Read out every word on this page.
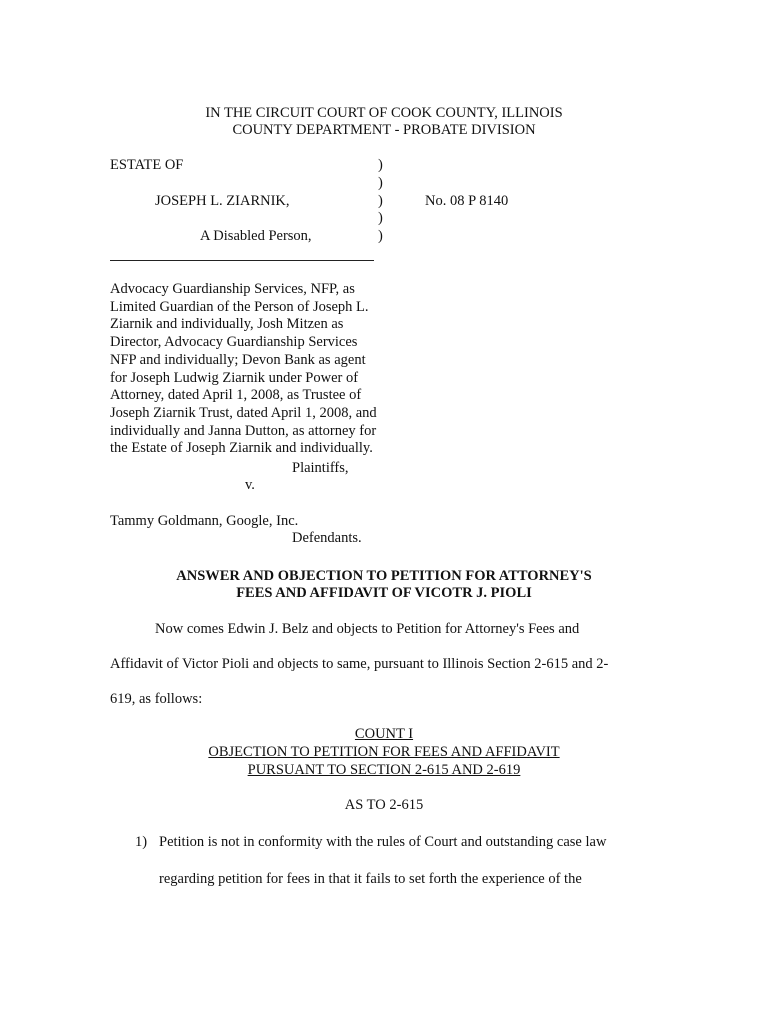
IN THE CIRCUIT COURT OF COOK COUNTY, ILLINOIS
COUNTY DEPARTMENT - PROBATE DIVISION
ESTATE OF
JOSEPH L. ZIARNIK,
A Disabled Person,
)
)
)
)
)
No. 08 P 8140
Advocacy Guardianship Services, NFP, as
Limited Guardian of the Person of Joseph L.
Ziarnik and individually, Josh Mitzen as
Director, Advocacy Guardianship Services
NFP and individually; Devon Bank as agent
for Joseph Ludwig Ziarnik under Power of
Attorney, dated April 1, 2008, as Trustee of
Joseph Ziarnik Trust, dated April 1, 2008, and
individually and Janna Dutton, as attorney for
the Estate of Joseph Ziarnik and individually.
Plaintiffs,
v.
Tammy Goldmann, Google, Inc.
Defendants.
ANSWER AND OBJECTION TO PETITION FOR ATTORNEY'S
FEES AND AFFIDAVIT OF VICOTR J. PIOLI
Now comes Edwin J. Belz and objects to Petition for Attorney's Fees and
Affidavit of Victor Pioli and objects to same, pursuant to Illinois Section 2-615 and 2-
619, as follows:
COUNT I
OBJECTION TO PETITION FOR FEES AND AFFIDAVIT
PURSUANT TO SECTION 2-615 AND 2-619
AS TO 2-615
1) Petition is not in conformity with the rules of Court and outstanding case law
regarding petition for fees in that it fails to set forth the experience of the
